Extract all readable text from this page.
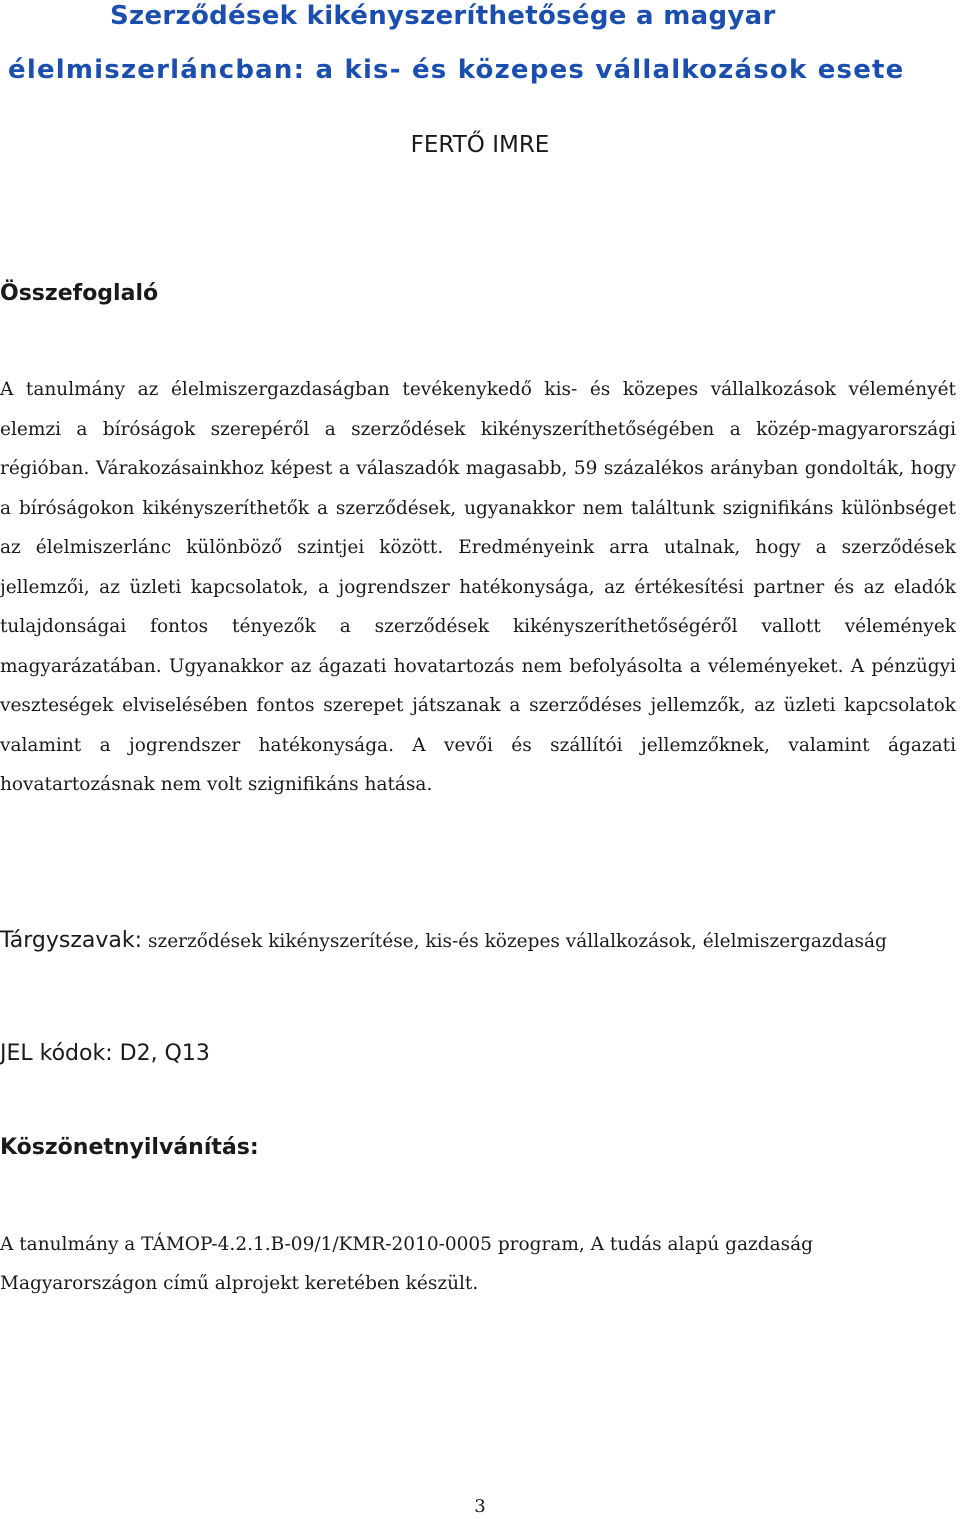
Szerződések kikényszeríthetősége a magyar
élelmiszerláncban: a kis- és közepes vállalkozások esete

FERTŐ IMRE

Összefoglaló

A tanulmány az élelmiszergazdaságban tevékenykedő kis- és közepes vállalkozások véleményét elemzi a bíróságok szerepéről a szerződések kikényszeríthetőségében a közép-magyarországi régióban. Várakozásainkhoz képest a válaszadók magasabb, 59 százalékos arányban gondolták, hogy a bíróságokon kikényszeríthetők a szerződések, ugyanakkor nem találtunk szignifikáns különbséget az élelmiszerlánc különböző szintjei között. Eredményeink arra utalnak, hogy a szerződések jellemzői, az üzleti kapcsolatok, a jogrendszer hatékonysága, az értékesítési partner és az eladók tulajdonságai fontos tényezők a szerződések kikényszeríthetőségéről vallott vélemények magyarázatában. Ugyanakkor az ágazati hovatartozás nem befolyásolta a véleményeket. A pénzügyi veszteségek elviselésében fontos szerepet játszanak a szerződéses jellemzők, az üzleti kapcsolatok valamint a jogrendszer hatékonysága. A vevői és szállítói jellemzőknek, valamint ágazati hovatartozásnak nem volt szignifikáns hatása.

Tárgyszavak: szerződések kikényszerítése, kis-és közepes vállalkozások, élelmiszergazdaság

JEL kódok: D2, Q13

Köszönetnyilvánítás:

A tanulmány a TÁMOP-4.2.1.B-09/1/KMR-2010-0005 program, A tudás alapú gazdaság Magyarországon című alprojekt keretében készült.

3
